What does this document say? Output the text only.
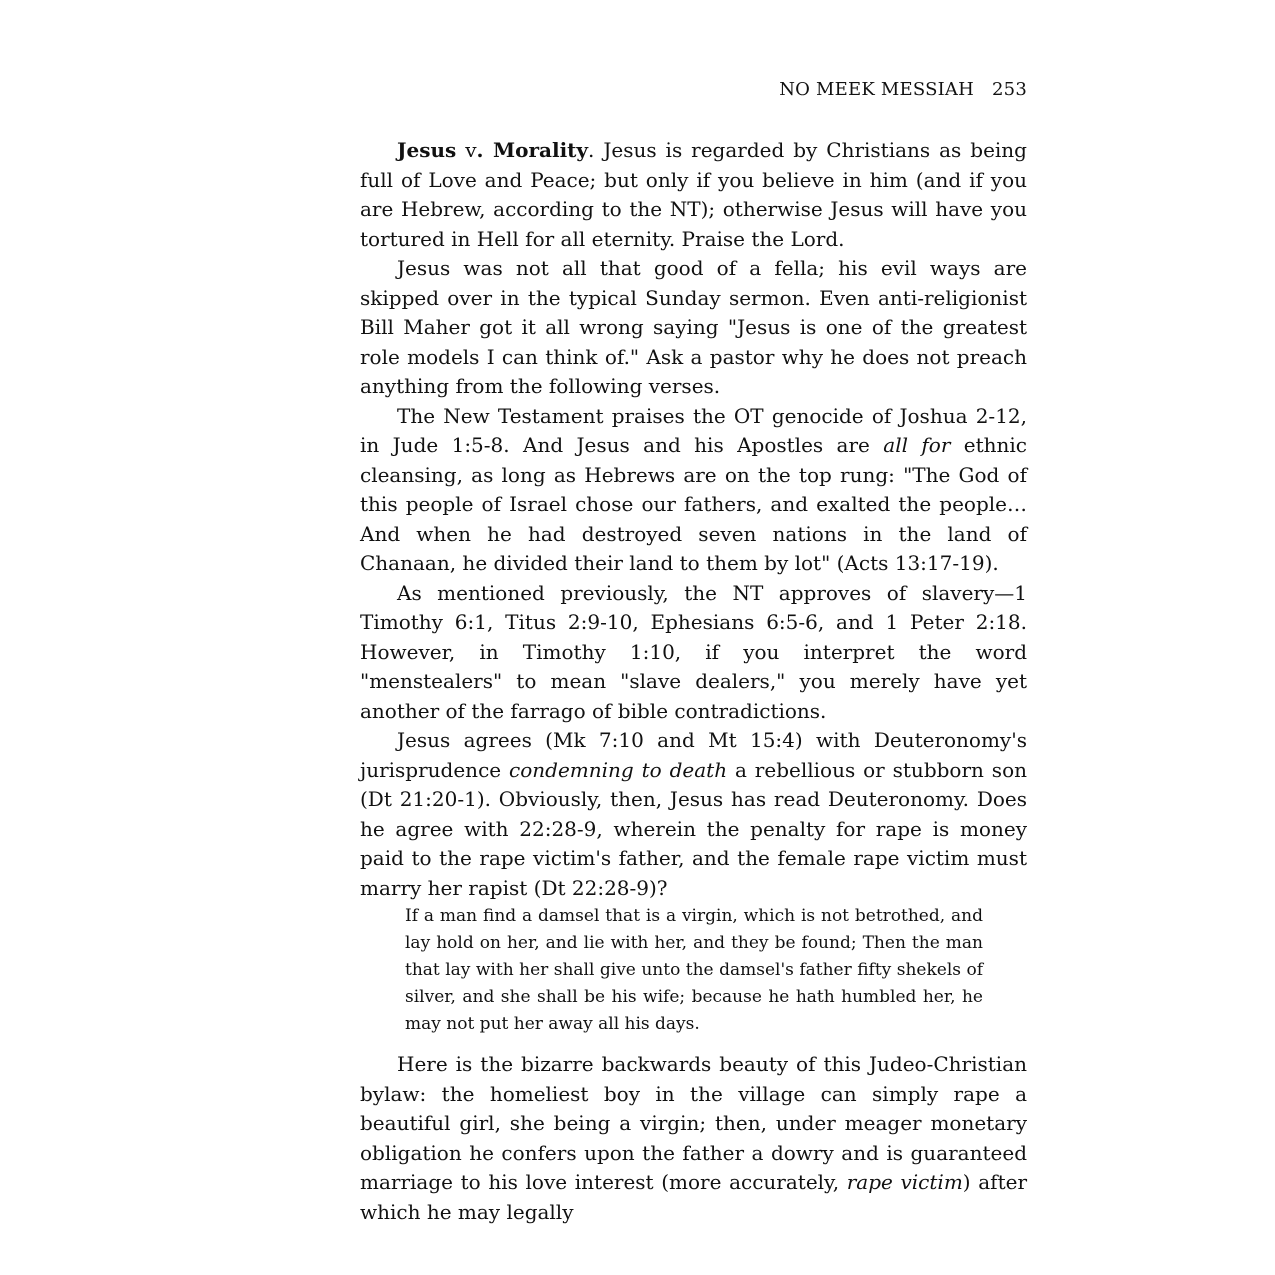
NO MEEK MESSIAH 253

Jesus v. Morality. Jesus is regarded by Christians as being full of Love and Peace; but only if you believe in him (and if you are Hebrew, according to the NT); otherwise Jesus will have you tortured in Hell for all eternity. Praise the Lord.

Jesus was not all that good of a fella; his evil ways are skipped over in the typical Sunday sermon. Even anti-religionist Bill Maher got it all wrong saying "Jesus is one of the greatest role models I can think of." Ask a pastor why he does not preach anything from the following verses.

The New Testament praises the OT genocide of Joshua 2-12, in Jude 1:5-8. And Jesus and his Apostles are all for ethnic cleansing, as long as Hebrews are on the top rung: "The God of this people of Israel chose our fathers, and exalted the people… And when he had destroyed seven nations in the land of Chanaan, he divided their land to them by lot" (Acts 13:17-19).

As mentioned previously, the NT approves of slavery—1 Timothy 6:1, Titus 2:9-10, Ephesians 6:5-6, and 1 Peter 2:18. However, in Timothy 1:10, if you interpret the word "menstealers" to mean "slave dealers," you merely have yet another of the farrago of bible contradictions.

Jesus agrees (Mk 7:10 and Mt 15:4) with Deuteronomy's jurisprudence condemning to death a rebellious or stubborn son (Dt 21:20-1). Obviously, then, Jesus has read Deuteronomy. Does he agree with 22:28-9, wherein the penalty for rape is money paid to the rape victim's father, and the female rape victim must marry her rapist (Dt 22:28-9)?

If a man find a damsel that is a virgin, which is not betrothed, and lay hold on her, and lie with her, and they be found; Then the man that lay with her shall give unto the damsel's father fifty shekels of silver, and she shall be his wife; because he hath humbled her, he may not put her away all his days.

Here is the bizarre backwards beauty of this Judeo-Christian bylaw: the homeliest boy in the village can simply rape a beautiful girl, she being a virgin; then, under meager monetary obligation he confers upon the father a dowry and is guaranteed marriage to his love interest (more accurately, rape victim) after which he may legally
